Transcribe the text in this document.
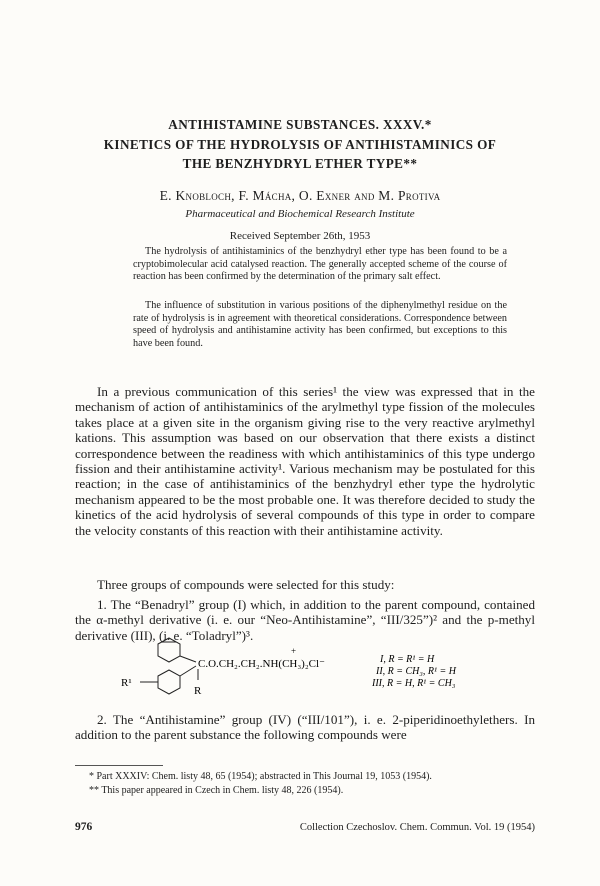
ANTIHISTAMINE SUBSTANCES. XXXV.*
KINETICS OF THE HYDROLYSIS OF ANTIHISTAMINICS OF
THE BENZHYDRYL ETHER TYPE**
E. Knobloch, F. Mácha, O. Exner and M. Protiva
Pharmaceutical and Biochemical Research Institute
Received September 26th, 1953

The hydrolysis of antihistaminics of the benzhydryl ether type has been found to be a cryptobimolecular acid catalysed reaction. The generally accepted scheme of the course of reaction has been confirmed by the determination of the primary salt effect.

The influence of substitution in various positions of the diphenylmethyl residue on the rate of hydrolysis is in agreement with theoretical considerations. Correspondence between speed of hydrolysis and antihistamine activity has been confirmed, but exceptions to this have been found.

In a previous communication of this series¹ the view was expressed that in the mechanism of action of antihistaminics of the arylmethyl type fission of the molecules takes place at a given site in the organism giving rise to the very reactive arylmethyl kations. This assumption was based on our observation that there exists a distinct correspondence between the readiness with which antihistaminics of this type undergo fission and their antihistamine activity¹. Various mechanism may be postulated for this reaction; in the case of antihistaminics of the benzhydryl ether type the hydrolytic mechanism appeared to be the most probable one. It was therefore decided to study the kinetics of the acid hydrolysis of several compounds of this type in order to compare the velocity constants of this reaction with their antihistamine activity.

Three groups of compounds were selected for this study:

1. The “Benadryl” group (I) which, in addition to the parent compound, contained the α-methyl derivative (i. e. our “Neo-Antihistamine”, “III/325”)² and the p-methyl derivative (III), (i. e. “Toladryl”)³.

C.O.CH₂.CH₂.NH(CH₃)₂Cl⁻
+
R¹
R
I, R = R¹ = H
II, R = CH₃, R¹ = H
III, R = H, R¹ = CH₃

2. The “Antihistamine” group (IV) (“III/101”), i. e. 2-piperidinoethylethers. In addition to the parent substance the following compounds were

* Part XXXIV: Chem. listy 48, 65 (1954); abstracted in This Journal 19, 1053 (1954).

** This paper appeared in Czech in Chem. listy 48, 226 (1954).

976	Collection Czechoslov. Chem. Commun. Vol. 19 (1954)
